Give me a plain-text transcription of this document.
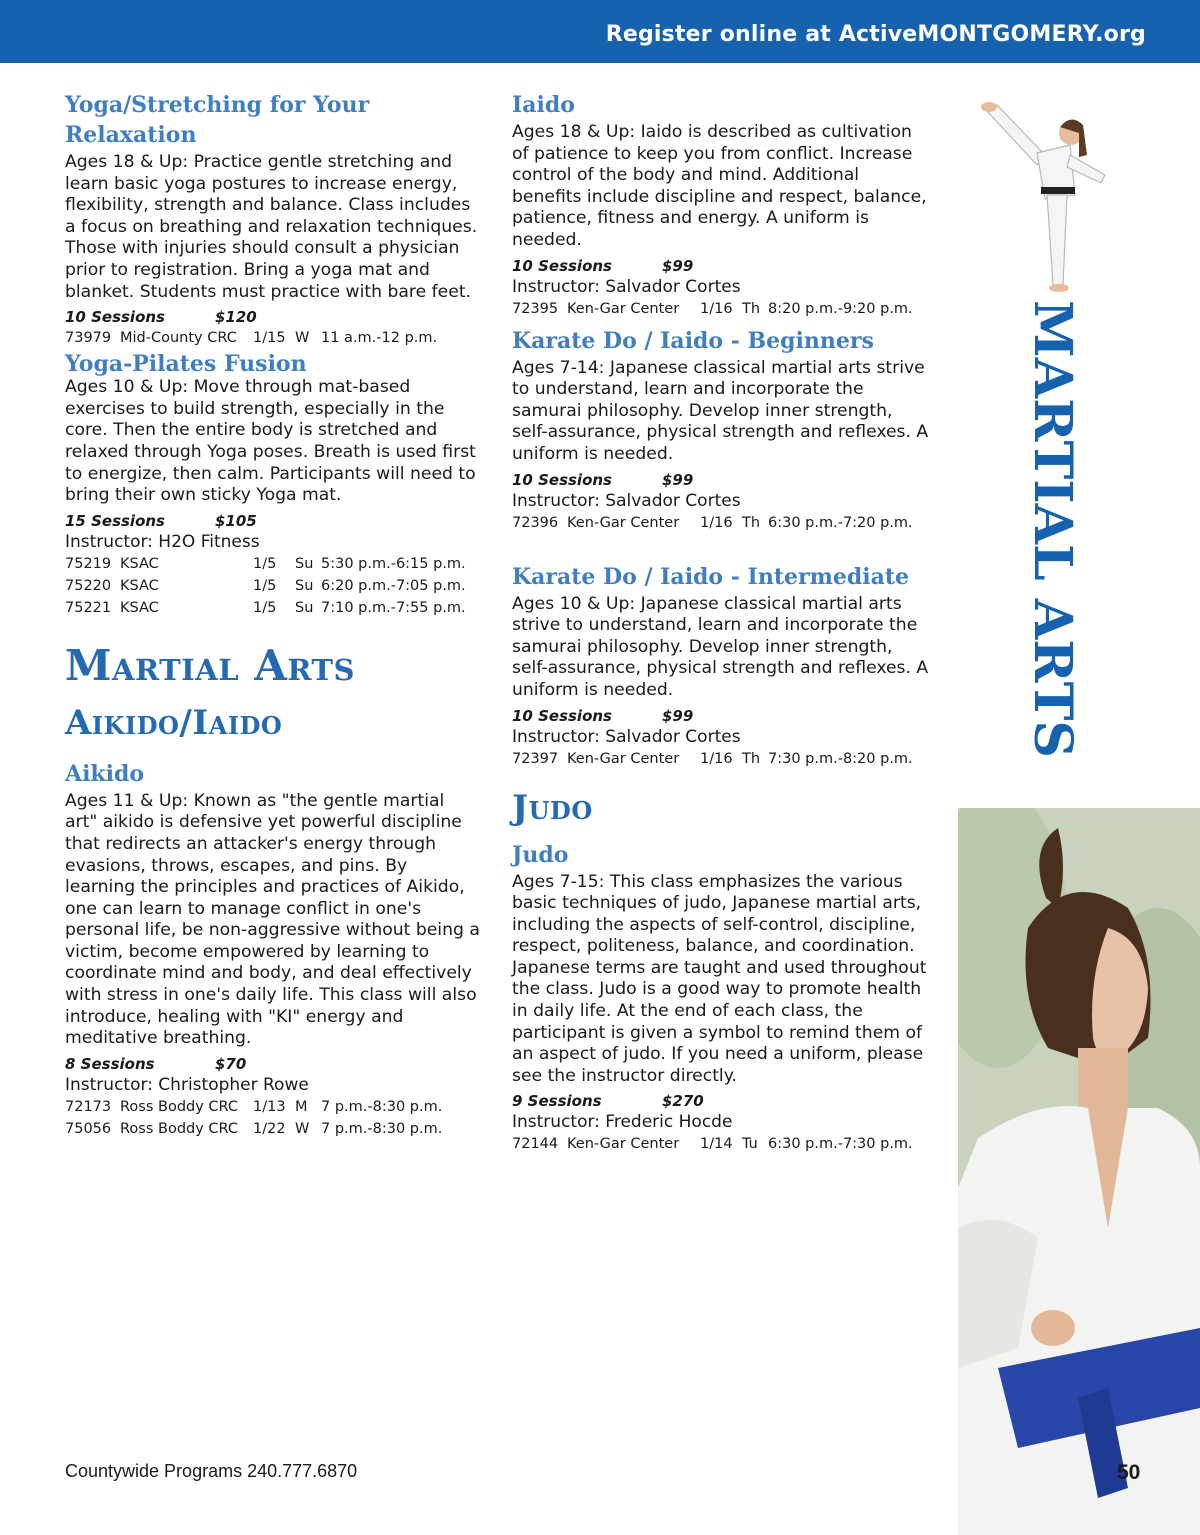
Register online at ActiveMONTGOMERY.org
Yoga/Stretching for Your Relaxation

Ages 18 & Up: Practice gentle stretching and learn basic yoga postures to increase energy, flexibility, strength and balance. Class includes a focus on breathing and relaxation techniques. Those with injuries should consult a physician prior to registration. Bring a yoga mat and blanket. Students must practice with bare feet.

10 Sessions	$120
73979 Mid-County CRC	1/15 W 11 a.m.-12 p.m.
Yoga-Pilates Fusion

Ages 10 & Up: Move through mat-based exercises to build strength, especially in the core. Then the entire body is stretched and relaxed through Yoga poses. Breath is used first to energize, then calm. Participants will need to bring their own sticky Yoga mat.

15 Sessions	$105
Instructor: H2O Fitness
75219 KSAC	1/5	Su 5:30 p.m.-6:15 p.m.
75220 KSAC	1/5	Su 6:20 p.m.-7:05 p.m.
75221 KSAC	1/5	Su 7:10 p.m.-7:55 p.m.
Martial Arts
Aikido/Iaido
Aikido

Ages 11 & Up: Known as "the gentle martial art" aikido is defensive yet powerful discipline that redirects an attacker's energy through evasions, throws, escapes, and pins. By learning the principles and practices of Aikido, one can learn to manage conflict in one's personal life, be non-aggressive without being a victim, become empowered by learning to coordinate mind and body, and deal effectively with stress in one's daily life. This class will also introduce, healing with "KI" energy and meditative breathing.

8 Sessions	$70
Instructor: Christopher Rowe
72173 Ross Boddy CRC	1/13 M 7 p.m.-8:30 p.m.
75056 Ross Boddy CRC	1/22 W 7 p.m.-8:30 p.m.
Iaido

Ages 18 & Up: Iaido is described as cultivation of patience to keep you from conflict. Increase control of the body and mind. Additional benefits include discipline and respect, balance, patience, fitness and energy. A uniform is needed.

10 Sessions	$99
Instructor: Salvador Cortes
72395 Ken-Gar Center	1/16 Th 8:20 p.m.-9:20 p.m.
Karate Do / Iaido - Beginners

Ages 7-14: Japanese classical martial arts strive to understand, learn and incorporate the samurai philosophy. Develop inner strength, self-assurance, physical strength and reflexes. A uniform is needed.

10 Sessions	$99
Instructor: Salvador Cortes
72396 Ken-Gar Center	1/16 Th 6:30 p.m.-7:20 p.m.
Karate Do / Iaido - Intermediate

Ages 10 & Up: Japanese classical martial arts strive to understand, learn and incorporate the samurai philosophy. Develop inner strength, self-assurance, physical strength and reflexes. A uniform is needed.

10 Sessions	$99
Instructor: Salvador Cortes
72397 Ken-Gar Center	1/16 Th 7:30 p.m.-8:20 p.m.
Judo
Judo

Ages 7-15: This class emphasizes the various basic techniques of judo, Japanese martial arts, including the aspects of self-control, discipline, respect, politeness, balance, and coordination. Japanese terms are taught and used throughout the class. Judo is a good way to promote health in daily life. At the end of each class, the participant is given a symbol to remind them of an aspect of judo. If you need a uniform, please see the instructor directly.

9 Sessions	$270
Instructor: Frederic Hocde
72144 Ken-Gar Center	1/14 Tu 6:30 p.m.-7:30 p.m.
MARTIAL ARTS
Countywide Programs 240.777.6870	50
